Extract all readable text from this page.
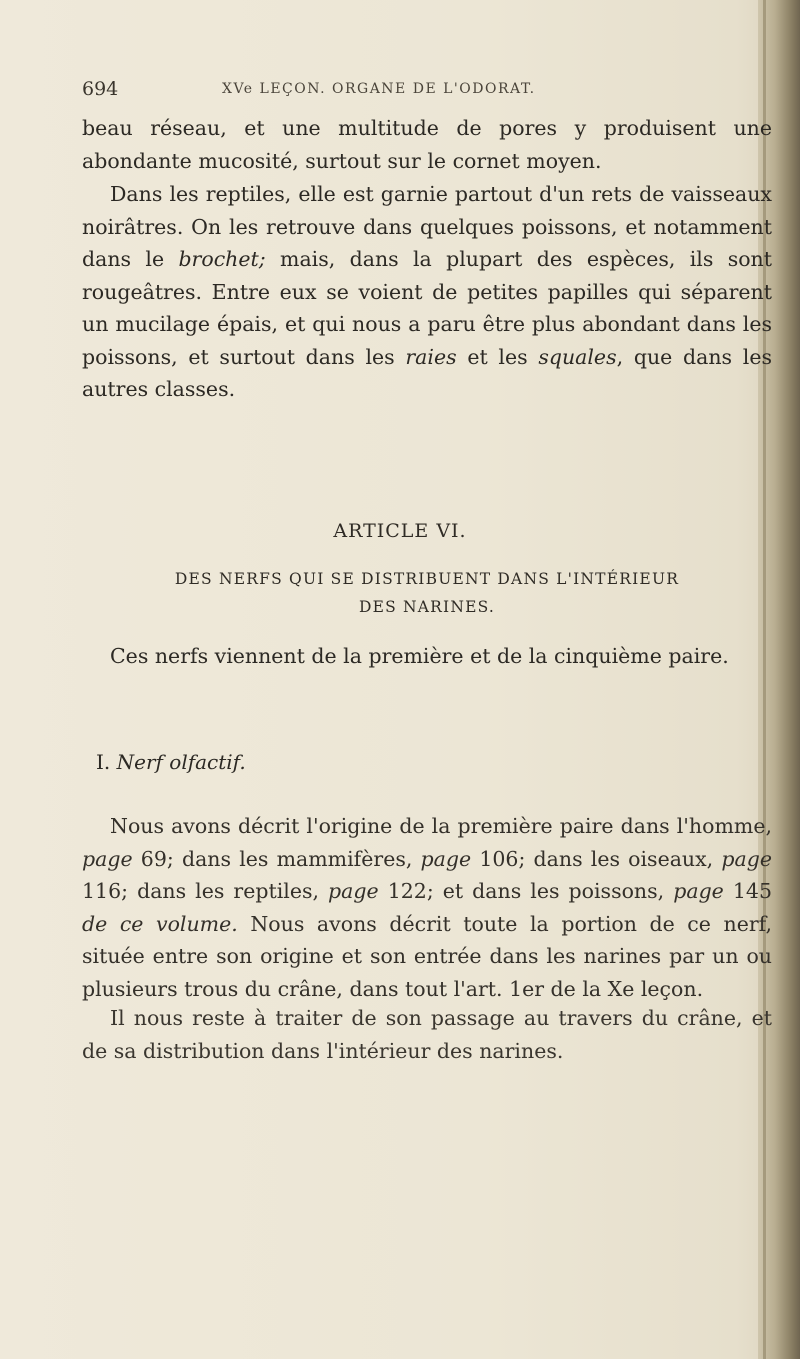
694	XVe LEÇON. ORGANE DE L'ODORAT.
beau réseau, et une multitude de pores y produisent une abondante mucosité, surtout sur le cornet moyen.
Dans les reptiles, elle est garnie partout d'un rets de vaisseaux noirâtres. On les retrouve dans quelques poissons, et notamment dans le brochet; mais, dans la plupart des espèces, ils sont rougeâtres. Entre eux se voient de petites papilles qui séparent un mucilage épais, et qui nous a paru être plus abondant dans les poissons, et surtout dans les raies et les squales, que dans les autres classes.
ARTICLE VI.
DES NERFS QUI SE DISTRIBUENT DANS L'INTÉRIEUR
DES NARINES.
Ces nerfs viennent de la première et de la cinquième paire.
I. Nerf olfactif.
Nous avons décrit l'origine de la première paire dans l'homme, page 69; dans les mammifères, page 106; dans les oiseaux, page 116; dans les reptiles, page 122; et dans les poissons, page 145 de ce volume. Nous avons décrit toute la portion de ce nerf, située entre son origine et son entrée dans les narines par un ou plusieurs trous du crâne, dans tout l'art. 1er de la Xe leçon.
Il nous reste à traiter de son passage au travers du crâne, et de sa distribution dans l'intérieur des narines.
